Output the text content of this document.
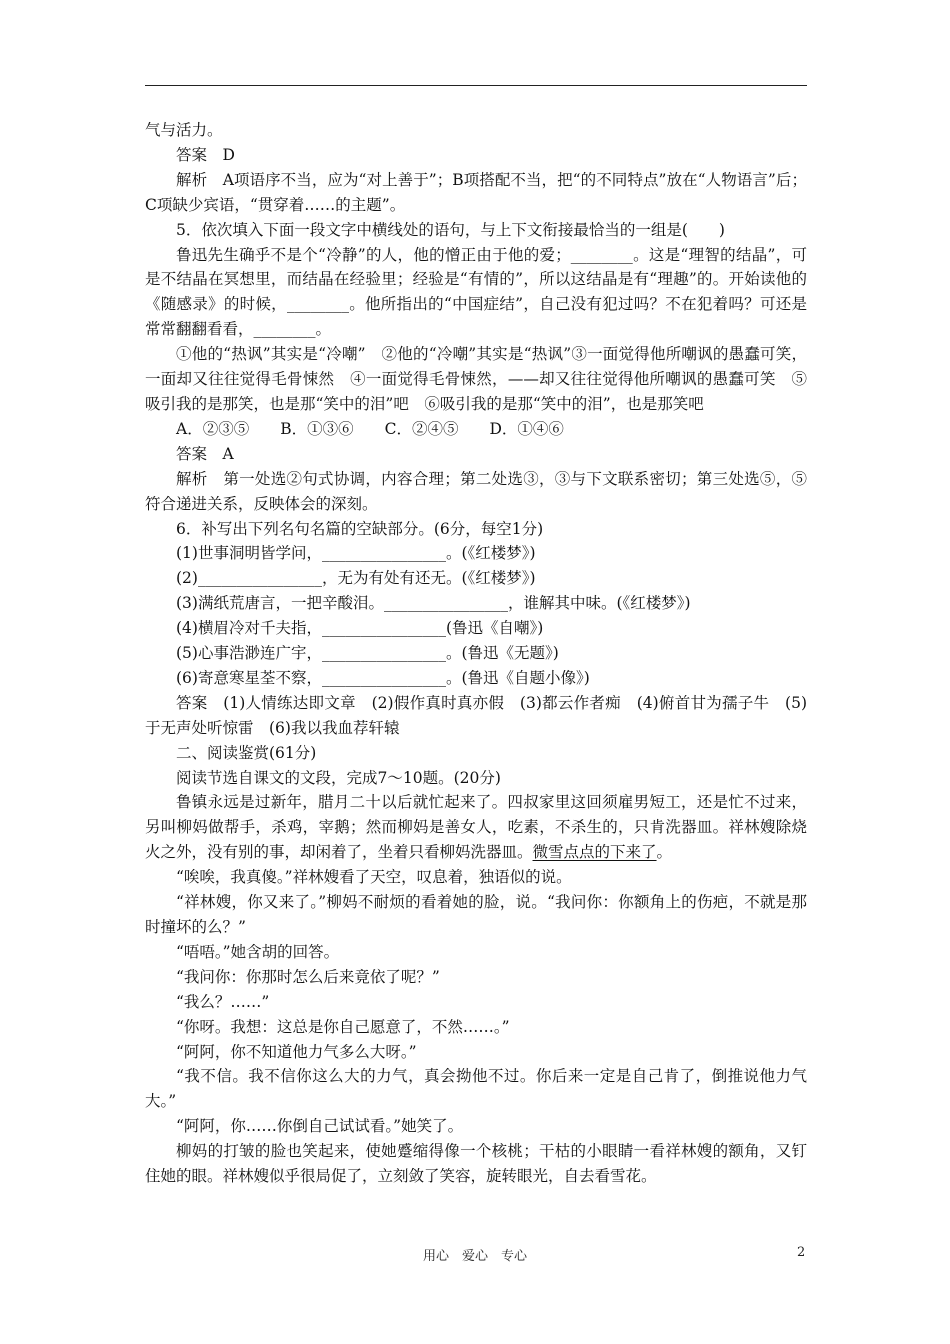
气与活力。

答案　D

解析　A项语序不当，应为“对上善于”；B项搭配不当，把“的不同特点”放在“人物语言”后；C项缺少宾语，“贯穿着……的主题”。

5．依次填入下面一段文字中横线处的语句，与上下文衔接最恰当的一组是(　　)

鲁迅先生确乎不是个“冷静”的人，他的憎正由于他的爱；________。这是“理智的结晶”，可是不结晶在冥想里，而结晶在经验里；经验是“有情的”，所以这结晶是有“理趣”的。开始读他的《随感录》的时候，________。他所指出的“中国症结”，自己没有犯过吗？不在犯着吗？可还是常常翻翻看看，________。

①他的“热讽”其实是“冷嘲”　②他的“冷嘲”其实是“热讽”③一面觉得他所嘲讽的愚蠢可笑，一面却又往往觉得毛骨悚然　④一面觉得毛骨悚然，——却又往往觉得他所嘲讽的愚蠢可笑　⑤吸引我的是那笑，也是那“笑中的泪”吧　⑥吸引我的是那“笑中的泪”，也是那笑吧

A．②③⑤　　B．①③⑥　　C．②④⑤　　D．①④⑥

答案　A

解析　第一处选②句式协调，内容合理；第二处选③，③与下文联系密切；第三处选⑤，⑤符合递进关系，反映体会的深刻。

6．补写出下列名句名篇的空缺部分。(6分，每空1分)

(1)世事洞明皆学问，________________。(《红楼梦》)

(2)________________，无为有处有还无。(《红楼梦》)

(3)满纸荒唐言，一把辛酸泪。________________，谁解其中味。(《红楼梦》)

(4)横眉冷对千夫指，________________(鲁迅《自嘲》)

(5)心事浩渺连广宇，________________。(鲁迅《无题》)

(6)寄意寒星荃不察，________________。(鲁迅《自题小像》)

答案　(1)人情练达即文章　(2)假作真时真亦假　(3)都云作者痴　(4)俯首甘为孺子牛　(5)于无声处听惊雷　(6)我以我血荐轩辕

二、阅读鉴赏(61分)

阅读节选自课文的文段，完成7～10题。(20分)

鲁镇永远是过新年，腊月二十以后就忙起来了。四叔家里这回须雇男短工，还是忙不过来，另叫柳妈做帮手，杀鸡，宰鹅；然而柳妈是善女人，吃素，不杀生的，只肯洗器皿。祥林嫂除烧火之外，没有别的事，却闲着了，坐着只看柳妈洗器皿。微雪点点的下来了。

“唉唉，我真傻。”祥林嫂看了天空，叹息着，独语似的说。

“祥林嫂，你又来了。”柳妈不耐烦的看着她的脸，说。“我问你：你额角上的伤疤，不就是那时撞坏的么？”

“唔唔。”她含胡的回答。

“我问你：你那时怎么后来竟依了呢？”

“我么？……”

“你呀。我想：这总是你自己愿意了，不然……。”

“阿阿，你不知道他力气多么大呀。”

“我不信。我不信你这么大的力气，真会拗他不过。你后来一定是自己肯了，倒推说他力气大。”

“阿阿，你……你倒自己试试看。”她笑了。

柳妈的打皱的脸也笑起来，使她蹙缩得像一个核桃；干枯的小眼睛一看祥林嫂的额角，又钉住她的眼。祥林嫂似乎很局促了，立刻敛了笑容，旋转眼光，自去看雪花。

用心　爱心　专心	2
